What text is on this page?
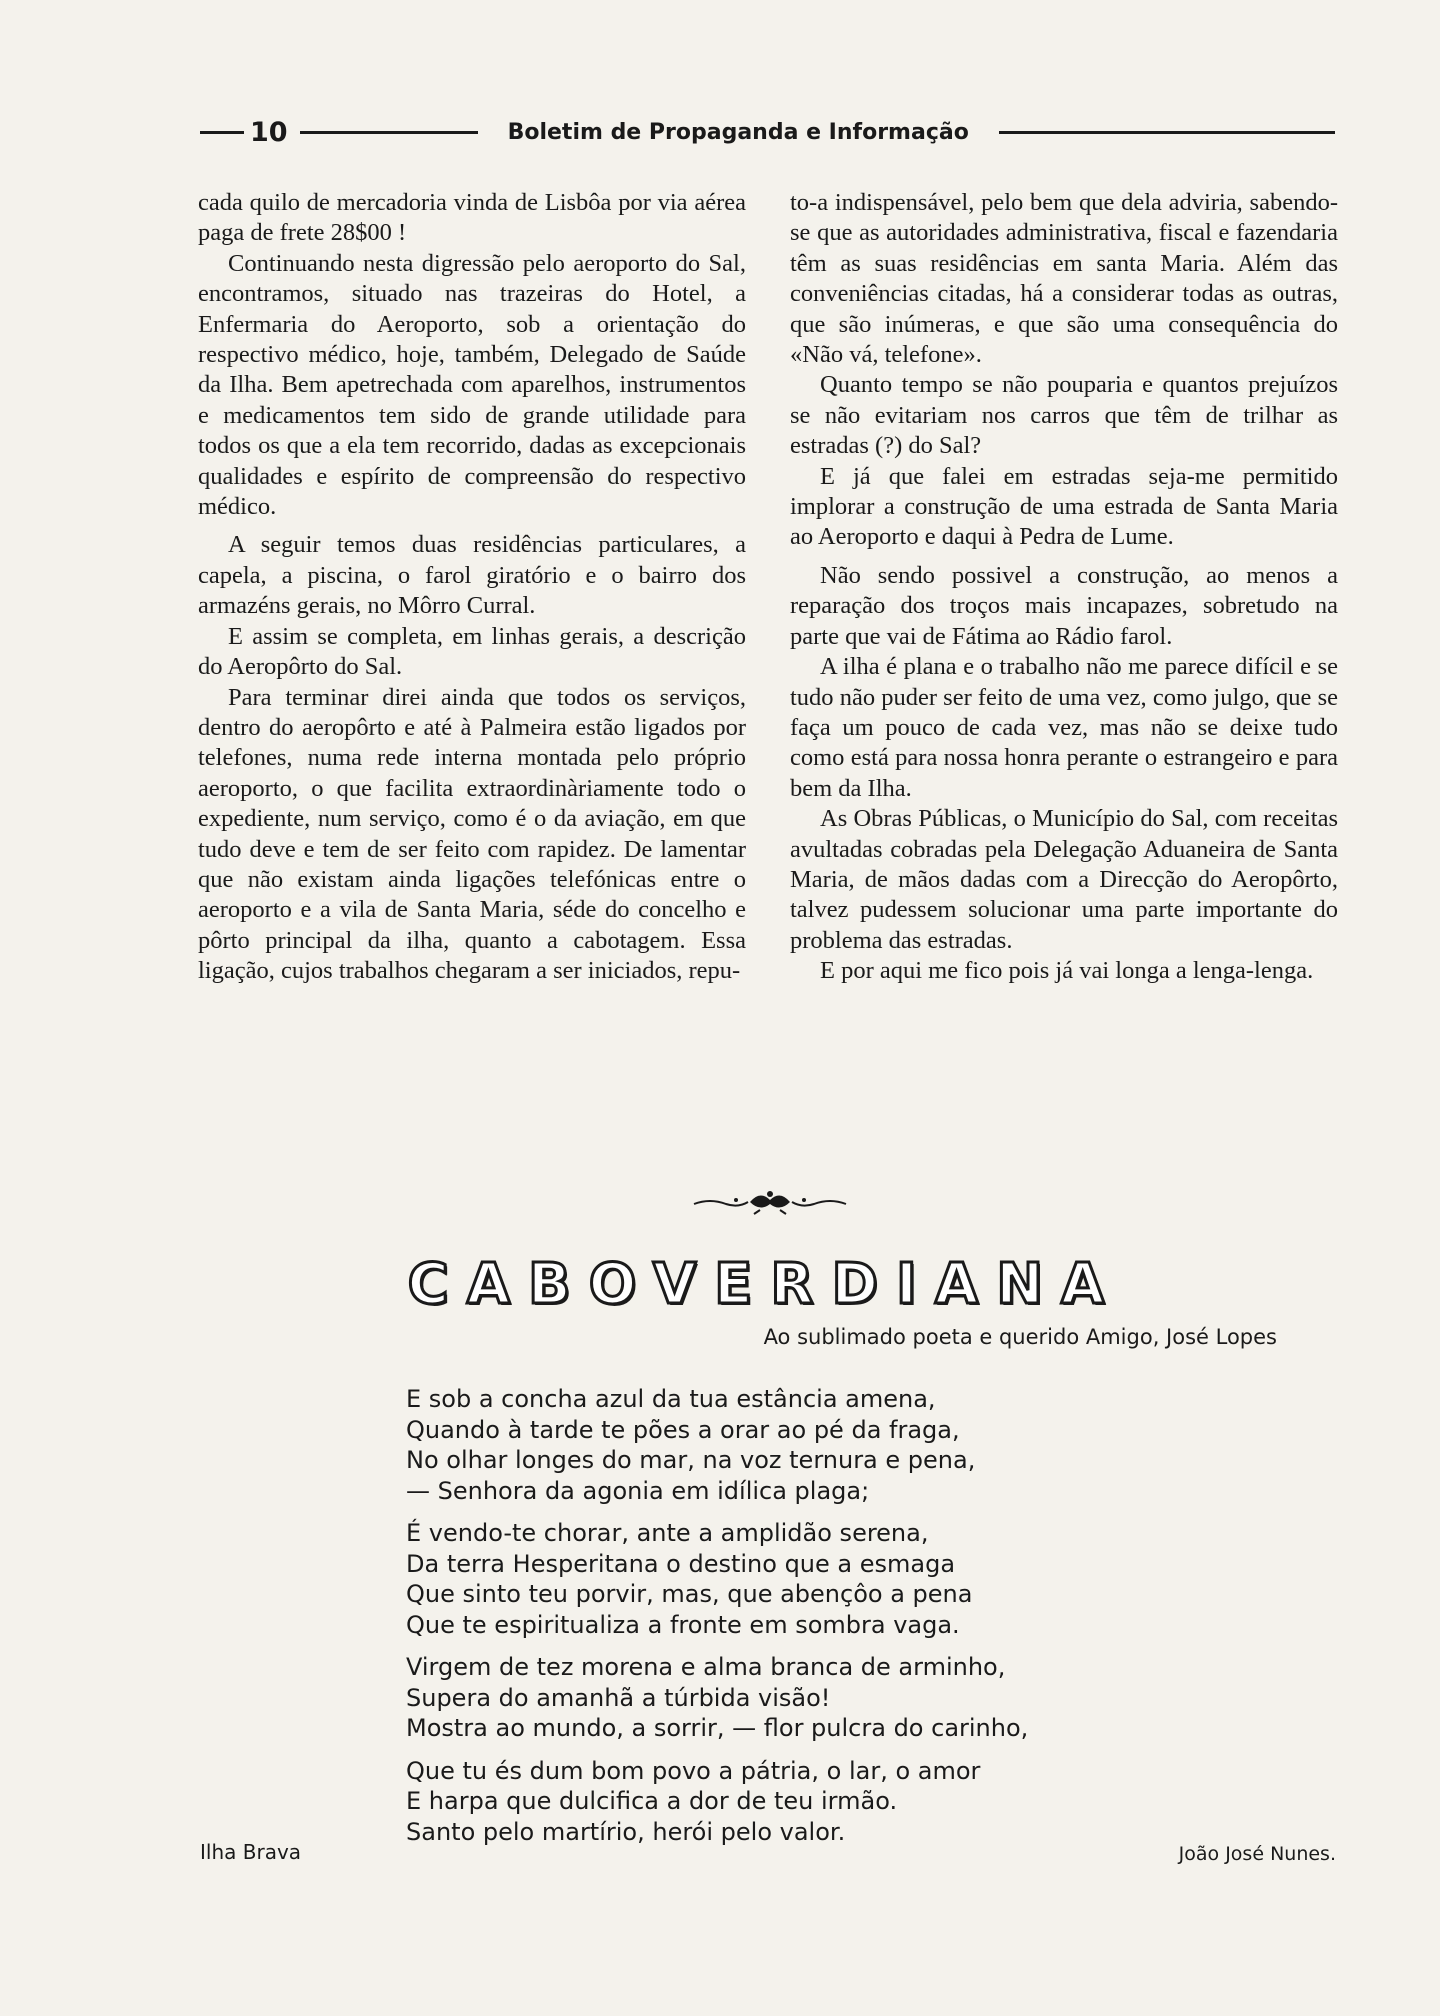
10	Boletim de Propaganda e Informação

cada quilo de mercadoria vinda de Lisbôa por via aérea paga de frete 28$00 !

Continuando nesta digressão pelo aeroporto do Sal, encontramos, situado nas trazeiras do Hotel, a Enfermaria do Aeroporto, sob a orientação do respectivo médico, hoje, também, Delegado de Saúde da Ilha. Bem apetrechada com aparelhos, instrumentos e medicamentos tem sido de grande utilidade para todos os que a ela tem recorrido, dadas as excepcionais qualidades e espírito de compreensão do respectivo médico.

A seguir temos duas residências particulares, a capela, a piscina, o farol giratório e o bairro dos armazéns gerais, no Môrro Curral.

E assim se completa, em linhas gerais, a descrição do Aeropôrto do Sal.

Para terminar direi ainda que todos os serviços, dentro do aeropôrto e até à Palmeira estão ligados por telefones, numa rede interna montada pelo próprio aeroporto, o que facilita extraordinàriamente todo o expediente, num serviço, como é o da aviação, em que tudo deve e tem de ser feito com rapidez. De lamentar que não existam ainda ligações telefónicas entre o aeroporto e a vila de Santa Maria, séde do concelho e pôrto principal da ilha, quanto a cabotagem. Essa ligação, cujos trabalhos chegaram a ser iniciados, repu-

to-a indispensável, pelo bem que dela adviria, sabendo-se que as autoridades administrativa, fiscal e fazendaria têm as suas residências em santa Maria. Além das conveniências citadas, há a considerar todas as outras, que são inúmeras, e que são uma consequência do «Não vá, telefone».

Quanto tempo se não pouparia e quantos prejuízos se não evitariam nos carros que têm de trilhar as estradas (?) do Sal?

E já que falei em estradas seja-me permitido implorar a construção de uma estrada de Santa Maria ao Aeroporto e daqui à Pedra de Lume.

Não sendo possivel a construção, ao menos a reparação dos troços mais incapazes, sobretudo na parte que vai de Fátima ao Rádio farol.

A ilha é plana e o trabalho não me parece difícil e se tudo não puder ser feito de uma vez, como julgo, que se faça um pouco de cada vez, mas não se deixe tudo como está para nossa honra perante o estrangeiro e para bem da Ilha.

As Obras Públicas, o Município do Sal, com receitas avultadas cobradas pela Delegação Aduaneira de Santa Maria, de mãos dadas com a Direcção do Aeropôrto, talvez pudessem solucionar uma parte importante do problema das estradas.

E por aqui me fico pois já vai longa a lenga-lenga.

CABOVERDIANA
Ao sublimado poeta e querido Amigo, José Lopes
E sob a concha azul da tua estância amena,
Quando à tarde te pões a orar ao pé da fraga,
No olhar longes do mar, na voz ternura e pena,
— Senhora da agonia em idílica plaga;
É vendo-te chorar, ante a amplidão serena,
Da terra Hesperitana o destino que a esmaga
Que sinto teu porvir, mas, que abençôo a pena
Que te espiritualiza a fronte em sombra vaga.
Virgem de tez morena e alma branca de arminho,
Supera do amanhã a túrbida visão!
Mostra ao mundo, a sorrir, — flor pulcra do carinho,
Que tu és dum bom povo a pátria, o lar, o amor
E harpa que dulcifica a dor de teu irmão.
Santo pelo martírio, herói pelo valor.
Ilha Brava	João José Nunes.
